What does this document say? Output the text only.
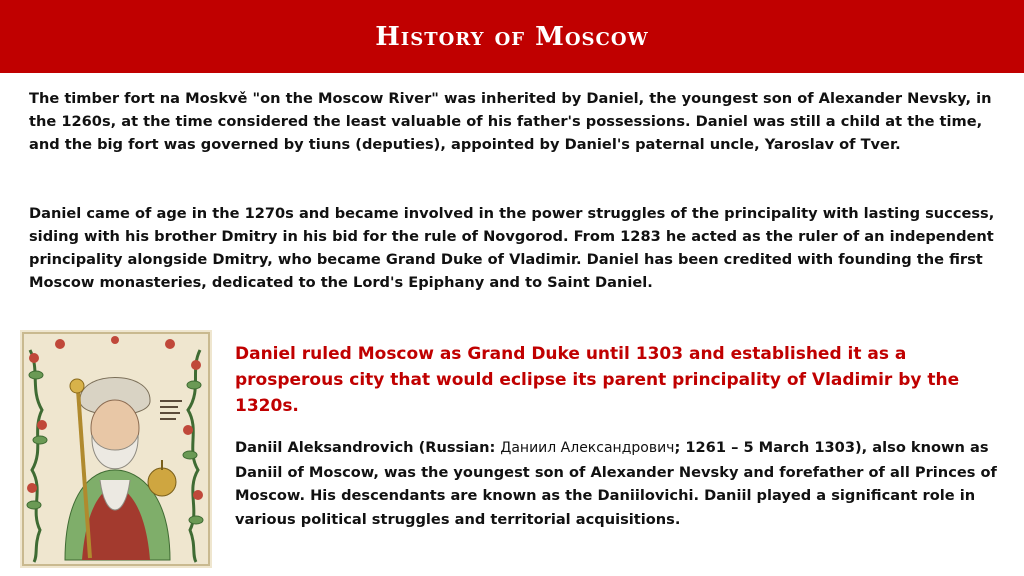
History of Moscow

The timber fort na Moskvě "on the Moscow River" was inherited by Daniel, the youngest son of Alexander Nevsky, in the 1260s, at the time considered the least valuable of his father's possessions. Daniel was still a child at the time, and the big fort was governed by tiuns (deputies), appointed by Daniel's paternal uncle, Yaroslav of Tver.

Daniel came of age in the 1270s and became involved in the power struggles of the principality with lasting success, siding with his brother Dmitry in his bid for the rule of Novgorod. From 1283 he acted as the ruler of an independent principality alongside Dmitry, who became Grand Duke of Vladimir. Daniel has been credited with founding the first Moscow monasteries, dedicated to the Lord's Epiphany and to Saint Daniel.

Daniel ruled Moscow as Grand Duke until 1303 and established it as a prosperous city that would eclipse its parent principality of Vladimir by the 1320s.

Daniil Aleksandrovich (Russian: Даниил Александрович; 1261 – 5 March 1303), also known as Daniil of Moscow, was the youngest son of Alexander Nevsky and forefather of all Princes of Moscow. His descendants are known as the Daniilovichi. Daniil played a significant role in various political struggles and territorial acquisitions.
